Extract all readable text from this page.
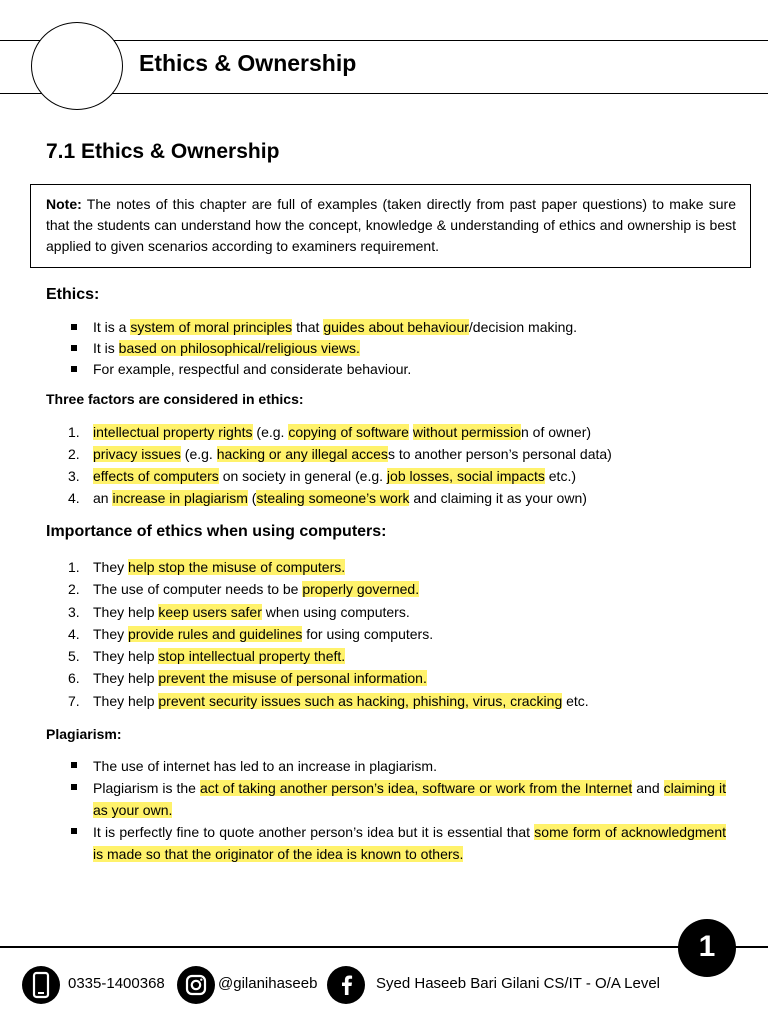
Ethics & Ownership
7.1 Ethics & Ownership
Note: The notes of this chapter are full of examples (taken directly from past paper questions) to make sure that the students can understand how the concept, knowledge & understanding of ethics and ownership is best applied to given scenarios according to examiners requirement.
Ethics:
It is a system of moral principles that guides about behaviour/decision making.
It is based on philosophical/religious views.
For example, respectful and considerate behaviour.
Three factors are considered in ethics:
1. intellectual property rights (e.g. copying of software without permission of owner)
2. privacy issues (e.g. hacking or any illegal access to another person’s personal data)
3. effects of computers on society in general (e.g. job losses, social impacts etc.)
4. an increase in plagiarism (stealing someone’s work and claiming it as your own)
Importance of ethics when using computers:
1. They help stop the misuse of computers.
2. The use of computer needs to be properly governed.
3. They help keep users safer when using computers.
4. They provide rules and guidelines for using computers.
5. They help stop intellectual property theft.
6. They help prevent the misuse of personal information.
7. They help prevent security issues such as hacking, phishing, virus, cracking etc.
Plagiarism:
The use of internet has led to an increase in plagiarism.
Plagiarism is the act of taking another person’s idea, software or work from the Internet and claiming it as your own.
It is perfectly fine to quote another person’s idea but it is essential that some form of acknowledgment is made so that the originator of the idea is known to others.
1
0335-1400368	@gilanihaseeb	Syed Haseeb Bari Gilani CS/IT - O/A Level
